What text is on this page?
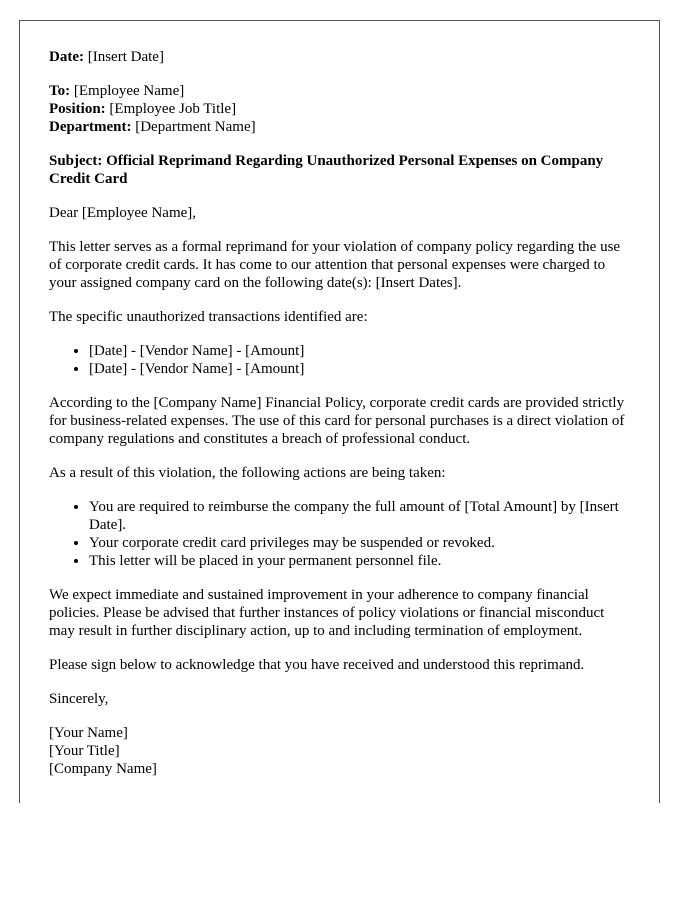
Date: [Insert Date]

To: [Employee Name]

Position: [Employee Job Title]

Department: [Department Name]

Subject: Official Reprimand Regarding Unauthorized Personal Expenses on Company Credit Card

Dear [Employee Name],

This letter serves as a formal reprimand for your violation of company policy regarding the use of corporate credit cards. It has come to our attention that personal expenses were charged to your assigned company card on the following date(s): [Insert Dates].

The specific unauthorized transactions identified are:

• [Date] - [Vendor Name] - [Amount]
• [Date] - [Vendor Name] - [Amount]

According to the [Company Name] Financial Policy, corporate credit cards are provided strictly for business-related expenses. The use of this card for personal purchases is a direct violation of company regulations and constitutes a breach of professional conduct.

As a result of this violation, the following actions are being taken:

• You are required to reimburse the company the full amount of [Total Amount] by [Insert Date].
• Your corporate credit card privileges may be suspended or revoked.
• This letter will be placed in your permanent personnel file.

We expect immediate and sustained improvement in your adherence to company financial policies. Please be advised that further instances of policy violations or financial misconduct may result in further disciplinary action, up to and including termination of employment.

Please sign below to acknowledge that you have received and understood this reprimand.

Sincerely,

[Your Name]

[Your Title]

[Company Name]
